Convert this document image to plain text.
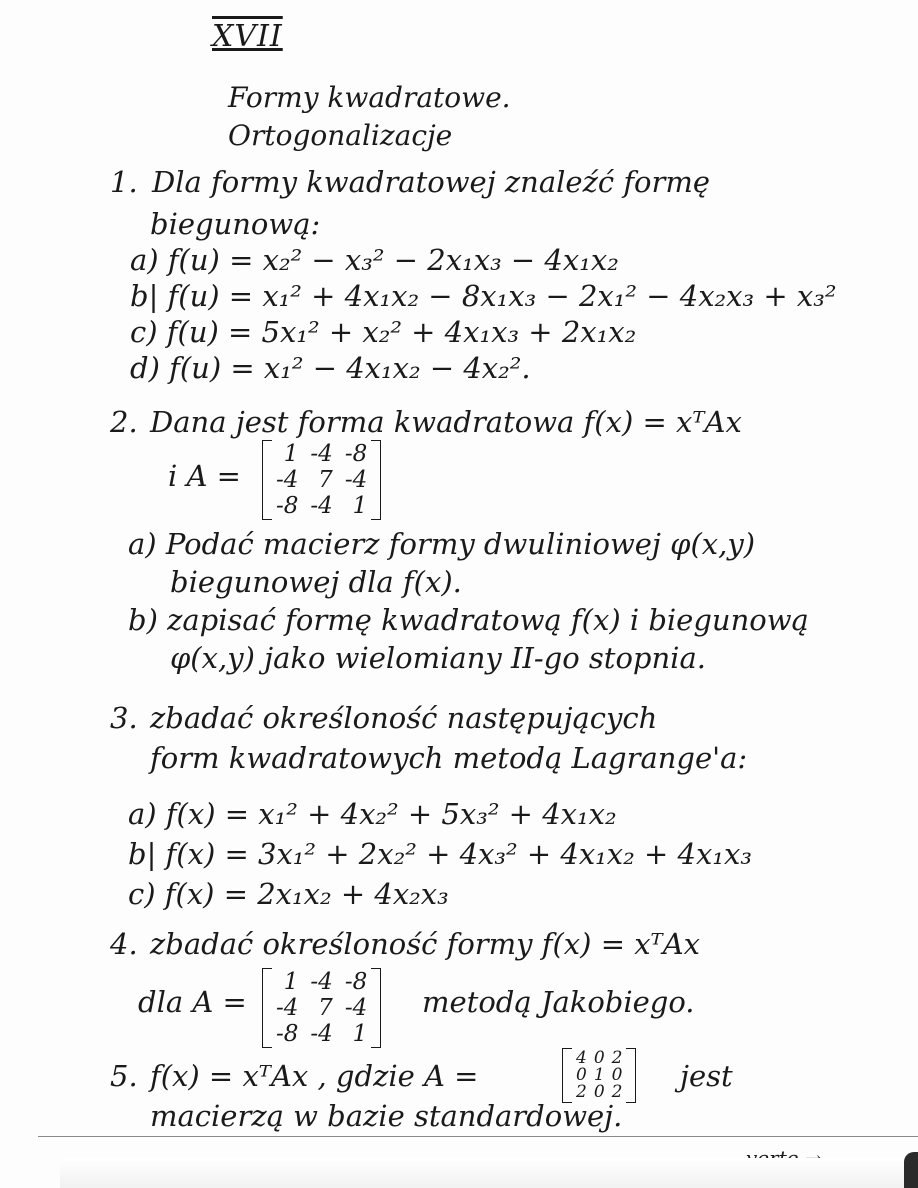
XVII
Formy kwadratowe.
Ortogonalizacje
1. Dla formy kwadratowej znaleźć formę
biegunową:
a) f(u) = x₂² − x₃² − 2x₁x₃ − 4x₁x₂
b| f(u) = x₁² + 4x₁x₂ − 8x₁x₃ − 2x₁² − 4x₂x₃ + x₃²
c) f(u) = 5x₁² + x₂² + 4x₁x₃ + 2x₁x₂
d) f(u) = x₁² − 4x₁x₂ − 4x₂².
2. Dana jest forma kwadratowa f(x) = xᵀAx
i A =
1 -4 -8
-4 7 -4
-8 -4 1
a) Podać macierz formy dwuliniowej φ(x,y)
biegunowej dla f(x).
b) zapisać formę kwadratową f(x) i biegunową
φ(x,y) jako wielomiany II-go stopnia.
3. zbadać określoność następujących
form kwadratowych metodą Lagrange'a:
a) f(x) = x₁² + 4x₂² + 5x₃² + 4x₁x₂
b| f(x) = 3x₁² + 2x₂² + 4x₃² + 4x₁x₂ + 4x₁x₃
c) f(x) = 2x₁x₂ + 4x₂x₃
4. zbadać określoność formy f(x) = xᵀAx
dla A =
1 -4 -8
-4 7 -4
-8 -4 1
metodą Jakobiego.
5. f(x) = xᵀAx , gdzie A =
4 0 2
0 1 0
2 0 2 jest
macierzą w bazie standardowej.
